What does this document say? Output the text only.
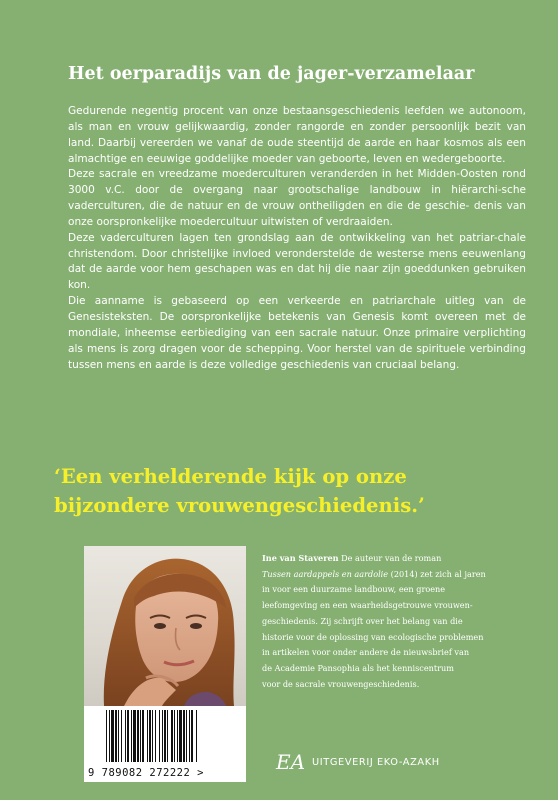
Het oerparadijs van de jager-verzamelaar

Gedurende negentig procent van onze bestaansgeschiedenis leefden we autonoom, als man en vrouw gelijkwaardig, zonder rangorde en zonder persoonlijk bezit van land. Daarbij vereerden we vanaf de oude steentijd de aarde en haar kosmos als een almachtige en eeuwige goddelijke moeder van geboorte, leven en wedergeboorte.

Deze sacrale en vreedzame moederculturen veranderden in het Midden-Oosten rond 3000 v.C. door de overgang naar grootschalige landbouw in hiërarchi-sche vaderculturen, die de natuur en de vrouw ontheiligden en die de geschie- denis van onze oorspronkelijke moedercultuur uitwisten of verdraaiden.

Deze vaderculturen lagen ten grondslag aan de ontwikkeling van het patriar-chale christendom. Door christelijke invloed veronderstelde de westerse mens eeuwenlang dat de aarde voor hem geschapen was en dat hij die naar zijn goeddunken gebruiken kon.

Die aanname is gebaseerd op een verkeerde en patriarchale uitleg van de Genesisteksten. De oorspronkelijke betekenis van Genesis komt overeen met de mondiale, inheemse eerbiediging van een sacrale natuur. Onze primaire verplichting als mens is zorg dragen voor de schepping. Voor herstel van de spirituele verbinding tussen mens en aarde is deze volledige geschiedenis van cruciaal belang.

‘Een verhelderende kijk op onze
bijzondere vrouwengeschiedenis.’
9 789082 272222 >
Ine van Staveren De auteur van de roman
Tussen aardappels en aardolie (2014) zet zich al jaren
in voor een duurzame landbouw, een groene
leefomgeving en een waarheidsgetrouwe vrouwen-
geschiedenis. Zij schrijft over het belang van die
historie voor de oplossing van ecologische problemen
in artikelen voor onder andere de nieuwsbrief van
de Academie Pansophia als het kenniscentrum
voor de sacrale vrouwengeschiedenis.
EA UITGEVERIJ EKO-AZAKH
